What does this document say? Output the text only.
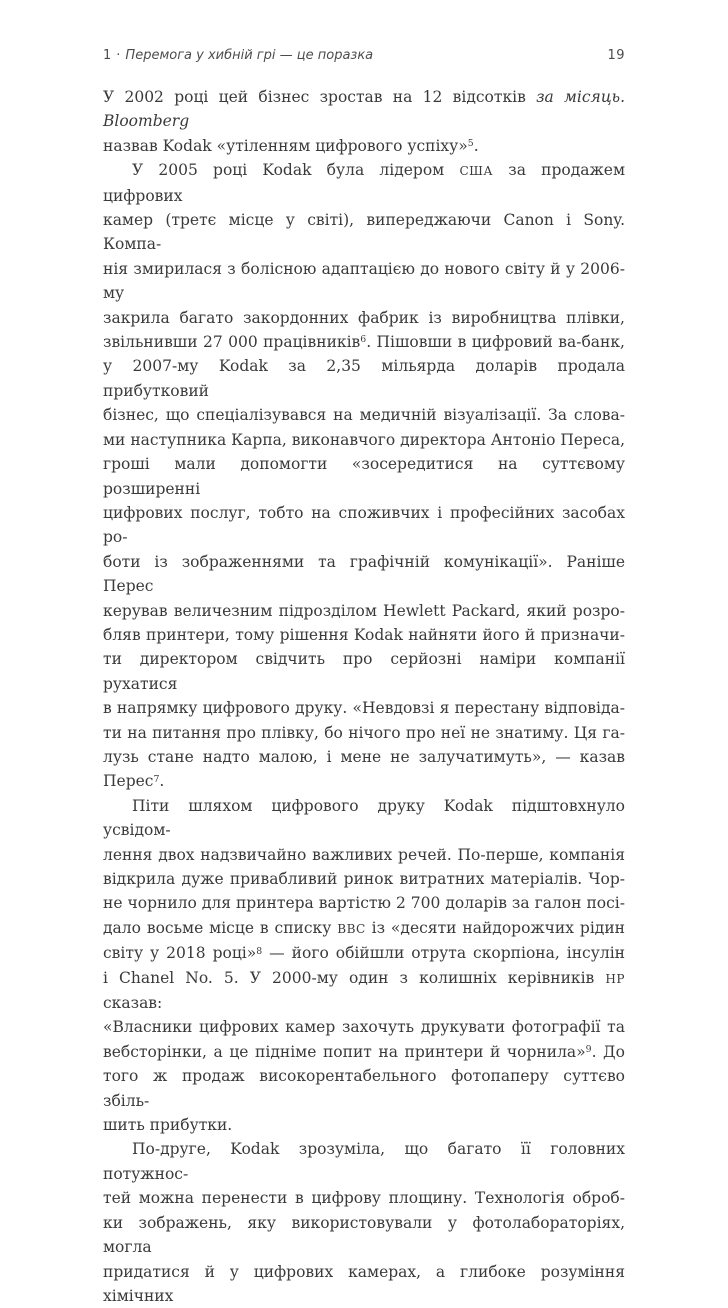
1 · Перемога у хибній грі — це поразка	19
У 2002 році цей бізнес зростав на 12 відсотків за місяць. Bloomberg
назвав Kodak «утіленням цифрового успіху»$^5$.
У 2005 році Kodak була лідером США за продажем цифрових
камер (третє місце у світі), випереджаючи Canon і Sony. Компа-
нія змирилася з болісною адаптацією до нового світу й у 2006-му
закрила багато закордонних фабрик із виробництва плівки,
звільнивши 27 000 працівників$^6$. Пішовши в цифровий ва-банк,
у 2007-му Kodak за 2,35 мільярда доларів продала прибутковий
бізнес, що спеціалізувався на медичній візуалізації. За слова-
ми наступника Карпа, виконавчого директора Антоніо Переса,
гроші мали допомогти «зосередитися на суттєвому розширенні
цифрових послуг, тобто на споживчих і професійних засобах ро-
боти із зображеннями та графічній комунікації». Раніше Перес
керував величезним підрозділом Hewlett Packard, який розро-
бляв принтери, тому рішення Kodak найняти його й призначи-
ти директором свідчить про серйозні наміри компанії рухатися
в напрямку цифрового друку. «Невдовзі я перестану відповіда-
ти на питання про плівку, бо нічого про неї не знатиму. Ця га-
лузь стане надто малою, і мене не залучатимуть», — казав Перес$^7$.
Піти шляхом цифрового друку Kodak підштовхнуло усвідом-
лення двох надзвичайно важливих речей. По-перше, компанія
відкрила дуже привабливий ринок витратних матеріалів. Чор-
не чорнило для принтера вартістю 2 700 доларів за галон посі-
дало восьме місце в списку ВВС із «десяти найдорожчих рідин
світу у 2018 році»$^8$ — його обійшли отрута скорпіона, інсулін
і Chanel No. 5. У 2000-му один з колишніх керівників НР сказав:
«Власники цифрових камер захочуть друкувати фотографії та
вебсторінки, а це підніме попит на принтери й чорнила»$^9$. До
того ж продаж високорентабельного фотопаперу суттєво збіль-
шить прибутки.
По-друге, Kodak зрозуміла, що багато її головних потужнос-
тей можна перенести в цифрову площину. Технологія оброб-
ки зображень, яку використовували у фотолабораторіях, могла
придатися й у цифрових камерах, а глибоке розуміння хімічних
